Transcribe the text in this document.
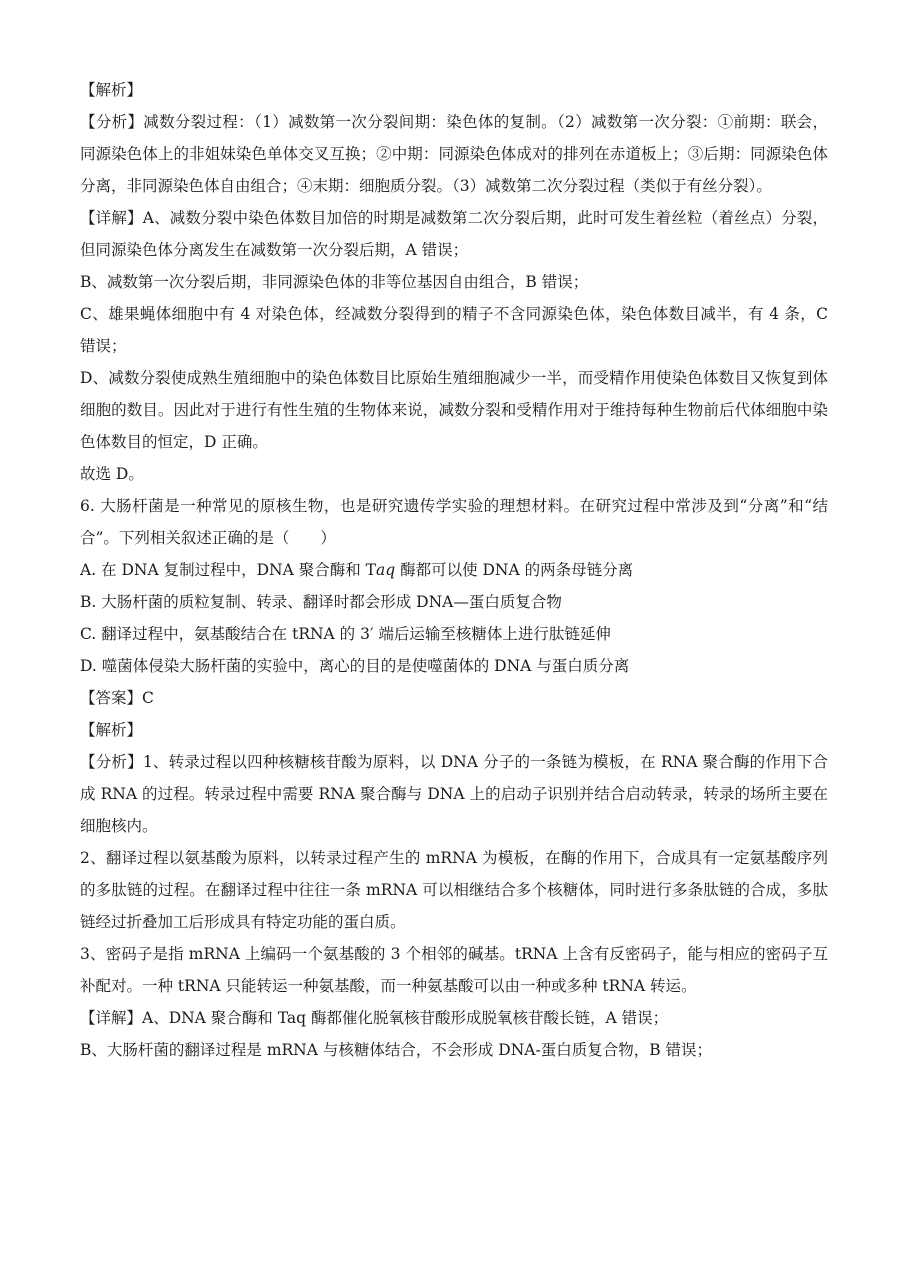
【解析】

【分析】减数分裂过程：（1）减数第一次分裂间期：染色体的复制。（2）减数第一次分裂：①前期：联会，同源染色体上的非姐妹染色单体交叉互换；②中期：同源染色体成对的排列在赤道板上；③后期：同源染色体分离，非同源染色体自由组合；④末期：细胞质分裂。（3）减数第二次分裂过程（类似于有丝分裂）。

【详解】A、减数分裂中染色体数目加倍的时期是减数第二次分裂后期，此时可发生着丝粒（着丝点）分裂，但同源染色体分离发生在减数第一次分裂后期，A 错误；

B、减数第一次分裂后期，非同源染色体的非等位基因自由组合，B 错误；

C、雄果蝇体细胞中有 4 对染色体，经减数分裂得到的精子不含同源染色体，染色体数目减半，有 4 条，C 错误；

D、减数分裂使成熟生殖细胞中的染色体数目比原始生殖细胞减少一半，而受精作用使染色体数目又恢复到体细胞的数目。因此对于进行有性生殖的生物体来说，减数分裂和受精作用对于维持每种生物前后代体细胞中染色体数目的恒定，D 正确。

故选 D。

6. 大肠杆菌是一种常见的原核生物，也是研究遗传学实验的理想材料。在研究过程中常涉及到“分离”和“结合”。下列相关叙述正确的是（　　）

A. 在 DNA 复制过程中，DNA 聚合酶和 Taq 酶都可以使 DNA 的两条母链分离

B. 大肠杆菌的质粒复制、转录、翻译时都会形成 DNA—蛋白质复合物

C. 翻译过程中，氨基酸结合在 tRNA 的 3′ 端后运输至核糖体上进行肽链延伸

D. 噬菌体侵染大肠杆菌的实验中，离心的目的是使噬菌体的 DNA 与蛋白质分离

【答案】C

【解析】

【分析】1、转录过程以四种核糖核苷酸为原料，以 DNA 分子的一条链为模板，在 RNA 聚合酶的作用下合成 RNA 的过程。转录过程中需要 RNA 聚合酶与 DNA 上的启动子识别并结合启动转录，转录的场所主要在细胞核内。

2、翻译过程以氨基酸为原料，以转录过程产生的 mRNA 为模板，在酶的作用下，合成具有一定氨基酸序列的多肽链的过程。在翻译过程中往往一条 mRNA 可以相继结合多个核糖体，同时进行多条肽链的合成，多肽链经过折叠加工后形成具有特定功能的蛋白质。

3、密码子是指 mRNA 上编码一个氨基酸的 3 个相邻的碱基。tRNA 上含有反密码子，能与相应的密码子互补配对。一种 tRNA 只能转运一种氨基酸，而一种氨基酸可以由一种或多种 tRNA 转运。

【详解】A、DNA 聚合酶和 Taq 酶都催化脱氧核苷酸形成脱氧核苷酸长链，A 错误；

B、大肠杆菌的翻译过程是 mRNA 与核糖体结合，不会形成 DNA-蛋白质复合物，B 错误；
